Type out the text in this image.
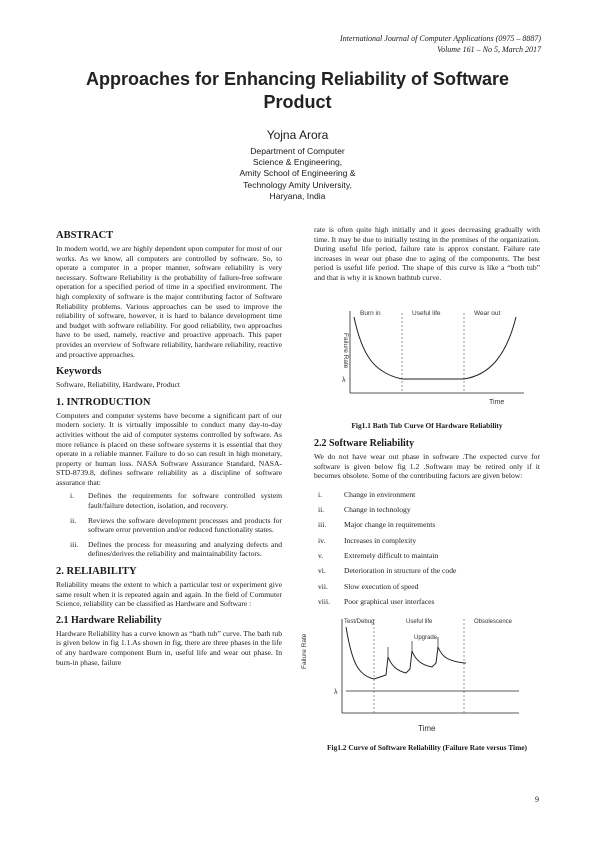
International Journal of Computer Applications (0975 – 8887)
Volume 161 – No 5, March 2017
Approaches for Enhancing Reliability of Software Product
Yojna Arora
Department of Computer
Science & Engineering,
Amity School of Engineering &
Technology Amity University,
Haryana, India
ABSTRACT

In modern world, we are highly dependent upon computer for most of our works. As we know, all computers are controlled by software. So, to operate a computer in a proper manner, software reliability is very necessary. Software Reliability is the probability of failure-free software operation for a specified period of time in a specified environment. The high complexity of software is the major contributing factor of Software Reliability problems. Various approaches can be used to improve the reliability of software, however, it is hard to balance development time and budget with software reliability. For good reliability, two approaches have to be used, namely, reactive and proactive approach. This paper provides an overview of Software reliability, hardware reliability, reactive and proactive approaches.

Keywords

Software, Reliability, Hardware, Product

1. INTRODUCTION

Computers and computer systems have become a significant part of our modern society. It is virtually impossible to conduct many day-to-day activities without the aid of computer systems controlled by software. As more reliance is placed on these software systems it is essential that they operate in a reliable manner. Failure to do so can result in high monetary, property or human loss. NASA Software Assurance Standard, NASA-STD-8739.8, defines software reliability as a discipline of software assurance that:

i.	Defines the requirements for software controlled system fault/failure detection, isolation, and recovery.
ii.	Reviews the software development processes and products for software error prevention and/or reduced functionality states.
iii.	Defines the process for measuring and analyzing defects and defines/derives the reliability and maintainability factors.
2. RELIABILITY

Reliability means the extent to which a particular test or experiment give same result when it is repeated again and again. In the field of Commuter Science, reliability can be classified as Hardware and Software :

2.1 Hardware Reliability

Hardware Reliability has a curve known as “bath tub” curve. The bath tub is given below in fig 1.1.As shown in fig, there are three phases in the life of any hardware component Burn in, useful life and wear out phase. In burn-in phase, failure

rate is often quite high initially and it goes decreasing gradually with time. It may be due to initially testing in the premises of the organization. During useful life period, failure rate is approx constant. Failure rate increases in wear out phase due to aging of the components. The best period is useful life period. The shape of this curve is like a “both tub” and that is why it is known bathtub curve.

Burn in	Useful life	Wear out
Failure Rate
λ
Time
Fig1.1 Bath Tub Curve Of Hardware Reliability
2.2 Software Reliability

We do not have wear out phase in software .The expected curve for software is given below fig 1.2 .Software may be retired only if it becomes obsolete. Some of the contributing factors are given below:

i.	Change in environment
ii.	Change in technology
iii.	Major change in requirements
iv.	Increases in complexity
v.	Extremely difficult to maintain
vi.	Deterioration in structure of the code
vii.	Slow execution of speed
viii.	Poor graphical user interfaces
Test/Debug	Useful life	Obsolescence
Upgrade
Failure Rate
λ
Time
Fig1.2 Curve of Software Reliability (Failure Rate versus Time)
9
